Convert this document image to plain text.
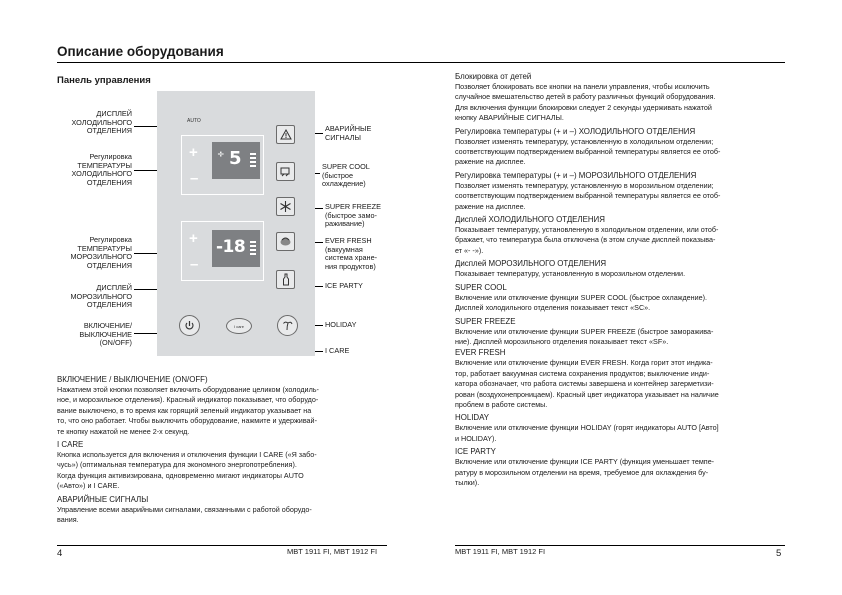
Описание оборудования
Панель управления
ДИСПЛЕЙ
ХОЛОДИЛЬНОГО
ОТДЕЛЕНИЯ
Регулировка
ТЕМПЕРАТУРЫ
ХОЛОДИЛЬНОГО
ОТДЕЛЕНИЯ
Регулировка
ТЕМПЕРАТУРЫ
МОРОЗИЛЬНОГО
ОТДЕЛЕНИЯ
ДИСПЛЕЙ
МОРОЗИЛЬНОГО
ОТДЕЛЕНИЯ
ВКЛЮЧЕНИЕ/
ВЫКЛЮЧЕНИЕ
(ON/OFF)
АВАРИЙНЫЕ
СИГНАЛЫ
SUPER COOL
(быстрое
охлаждение)
SUPER FREEZE
(быстрое замо-
раживание)
EVER FRESH
(вакуумная
система хране-
ния продуктов)
ICE PARTY
HOLIDAY
I CARE
AUTO
+
–
÷ 5
+
–
-18
I care
ВКЛЮЧЕНИЕ / ВЫКЛЮЧЕНИЕ (ON/OFF)
Нажатием этой кнопки позволяет включить оборудование целиком (холодиль-
ное, и морозильное отделения). Красный индикатор показывает, что оборудо-
вание выключено, в то время как горящий зеленый индикатор указывает на
то, что оно работает. Чтобы выключить оборудование, нажмите и удерживай-
те кнопку нажатой не менее 2-х секунд.
I CARE
Кнопка используется для включения и отключения функции I CARE («Я забо-
чусь») (оптимальная температура для экономного энергопотребления).
Когда функция активизирована, одновременно мигают индикаторы AUTO
(«Авто») и I CARE.
АВАРИЙНЫЕ СИГНАЛЫ
Управление всеми аварийными сигналами, связанными с работой оборудо-
вания.
4	MBT 1911 FI, MBT 1912 FI
Блокировка от детей
Позволяет блокировать все кнопки на панели управления, чтобы исключить
случайное вмешательство детей в работу различных функций оборудования.
Для включения функции блокировки следует 2 секунды удерживать нажатой
кнопку АВАРИЙНЫЕ СИГНАЛЫ.
Регулировка температуры (+ и –) ХОЛОДИЛЬНОГО ОТДЕЛЕНИЯ
Позволяет изменять температуру, установленную в холодильном отделении;
соответствующим подтверждением выбранной температуры является ее отоб-
ражение на дисплее.
Регулировка температуры (+ и –) МОРОЗИЛЬНОГО ОТДЕЛЕНИЯ
Позволяет изменять температуру, установленную в морозильном отделении;
соответствующим подтверждением выбранной температуры является ее отоб-
ражение на дисплее.
Дисплей ХОЛОДИЛЬНОГО ОТДЕЛЕНИЯ
Показывает температуру, установленную в холодильном отделении, или отоб-
бражает, что температура была отключена (в этом случае дисплей показыва-
ет «- -»).
Дисплей МОРОЗИЛЬНОГО ОТДЕЛЕНИЯ
Показывает температуру, установленную в морозильном отделении.
SUPER COOL
Включение или отключение функции SUPER COOL (быстрое охлаждение).
Дисплей холодильного отделения показывает текст «SC».
SUPER FREEZE
Включение или отключение функции SUPER FREEZE (быстрое заморажива-
ние). Дисплей морозильного отделения показывает текст «SF».
EVER FRESH
Включение или отключение функции EVER FRESH. Когда горит этот индика-
тор, работает вакуумная система сохранения продуктов; выключение инди-
катора обозначает, что работа системы завершена и контейнер загерметизи-
рован (воздухонепроницаем). Красный цвет индикатора указывает на наличие
проблем в работе системы.
HOLIDAY
Включение или отключение функции HOLIDAY (горят индикаторы AUTO [Авто]
и HOLIDAY).
ICE PARTY
Включение или отключение функции ICE PARTY (функция уменьшает темпе-
ратуру в морозильном отделении на время, требуемое для охлаждения бу-
тылки).
MBT 1911 FI, MBT 1912 FI	5
